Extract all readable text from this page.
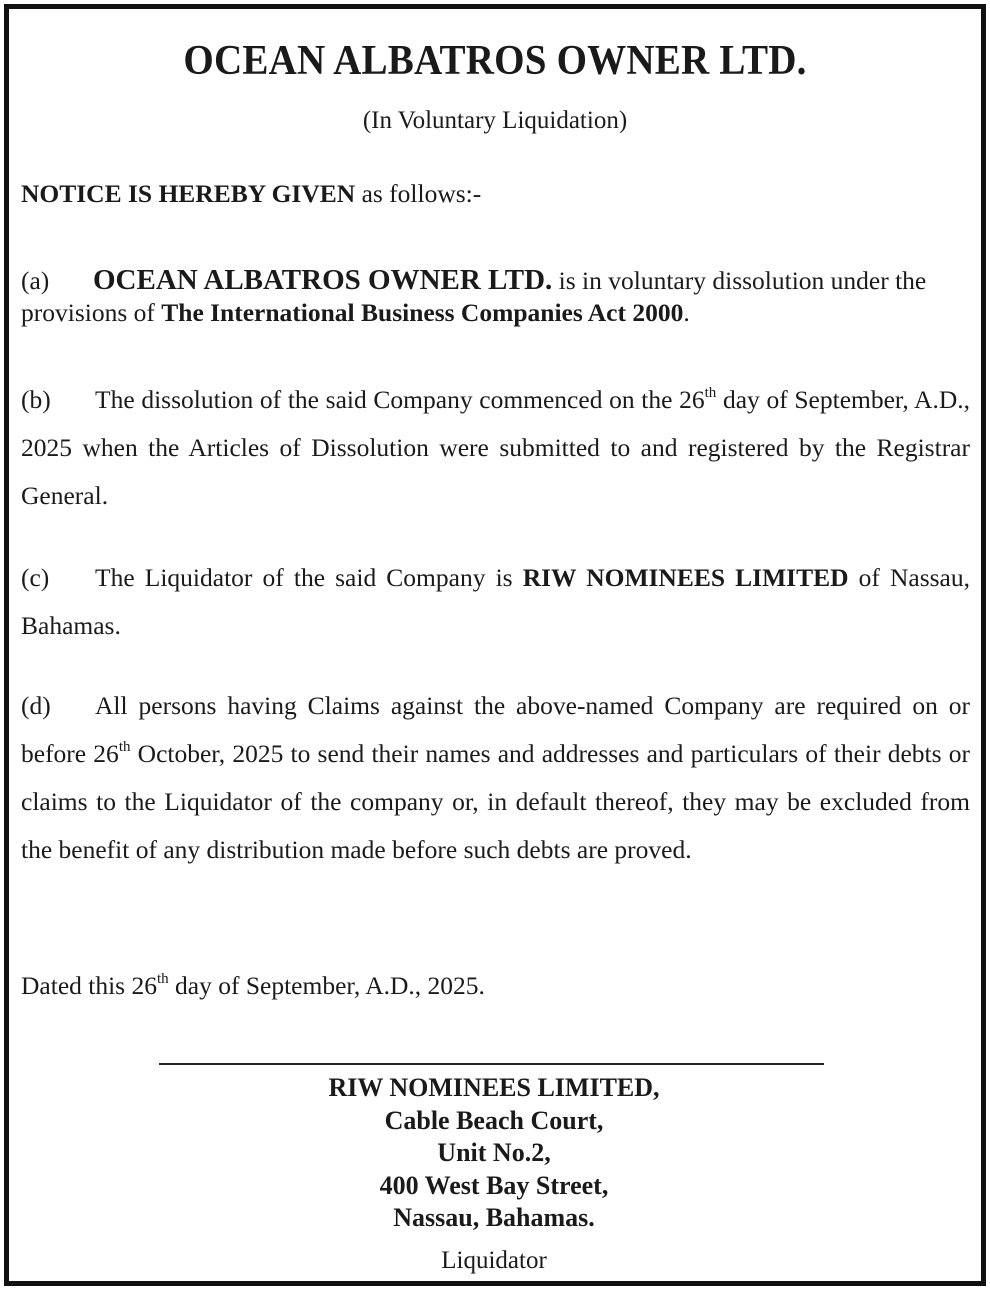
OCEAN ALBATROS OWNER LTD.
(In Voluntary Liquidation)
NOTICE IS HEREBY GIVEN as follows:-
(a) OCEAN ALBATROS OWNER LTD. is in voluntary dissolution under the provisions of The International Business Companies Act 2000.
(b) The dissolution of the said Company commenced on the 26th day of September, A.D., 2025 when the Articles of Dissolution were submitted to and registered by the Registrar General.
(c) The Liquidator of the said Company is RIW NOMINEES LIMITED of Nassau, Bahamas.
(d) All persons having Claims against the above-named Company are required on or before 26th October, 2025 to send their names and addresses and particulars of their debts or claims to the Liquidator of the company or, in default thereof, they may be excluded from the benefit of any distribution made before such debts are proved.
Dated this 26th day of September, A.D., 2025.
RIW NOMINEES LIMITED,
Cable Beach Court,
Unit No.2,
400 West Bay Street,
Nassau, Bahamas.
Liquidator
